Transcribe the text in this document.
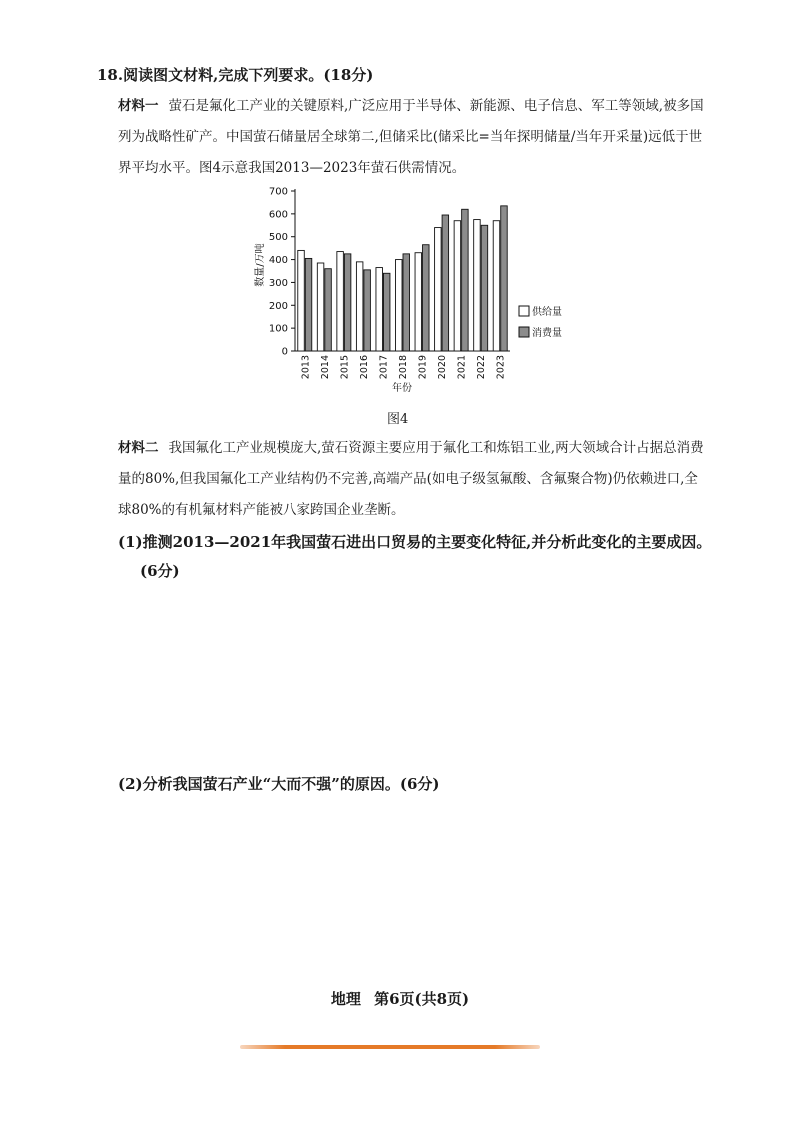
18.阅读图文材料,完成下列要求。(18分)
材料一 萤石是氟化工产业的关键原料,广泛应用于半导体、新能源、电子信息、军工等领域,被多国列为战略性矿产。中国萤石储量居全球第二,但储采比(储采比=当年探明储量/当年开采量)远低于世界平均水平。图4示意我国2013—2023年萤石供需情况。
0
100
200
300
400
500
600
700
2013 2014 2015 2016 2017 2018 2019 2020 2021 2022 2023
数量/万吨
年份
供给量
消费量
图4
材料二 我国氟化工产业规模庞大,萤石资源主要应用于氟化工和炼铝工业,两大领域合计占据总消费量的80%,但我国氟化工产业结构仍不完善,高端产品(如电子级氢氟酸、含氟聚合物)仍依赖进口,全球80%的有机氟材料产能被八家跨国企业垄断。
(1)推测2013—2021年我国萤石进出口贸易的主要变化特征,并分析此变化的主要成因。
(6分)
(2)分析我国萤石产业“大而不强”的原因。(6分)
地理 第6页(共8页)
